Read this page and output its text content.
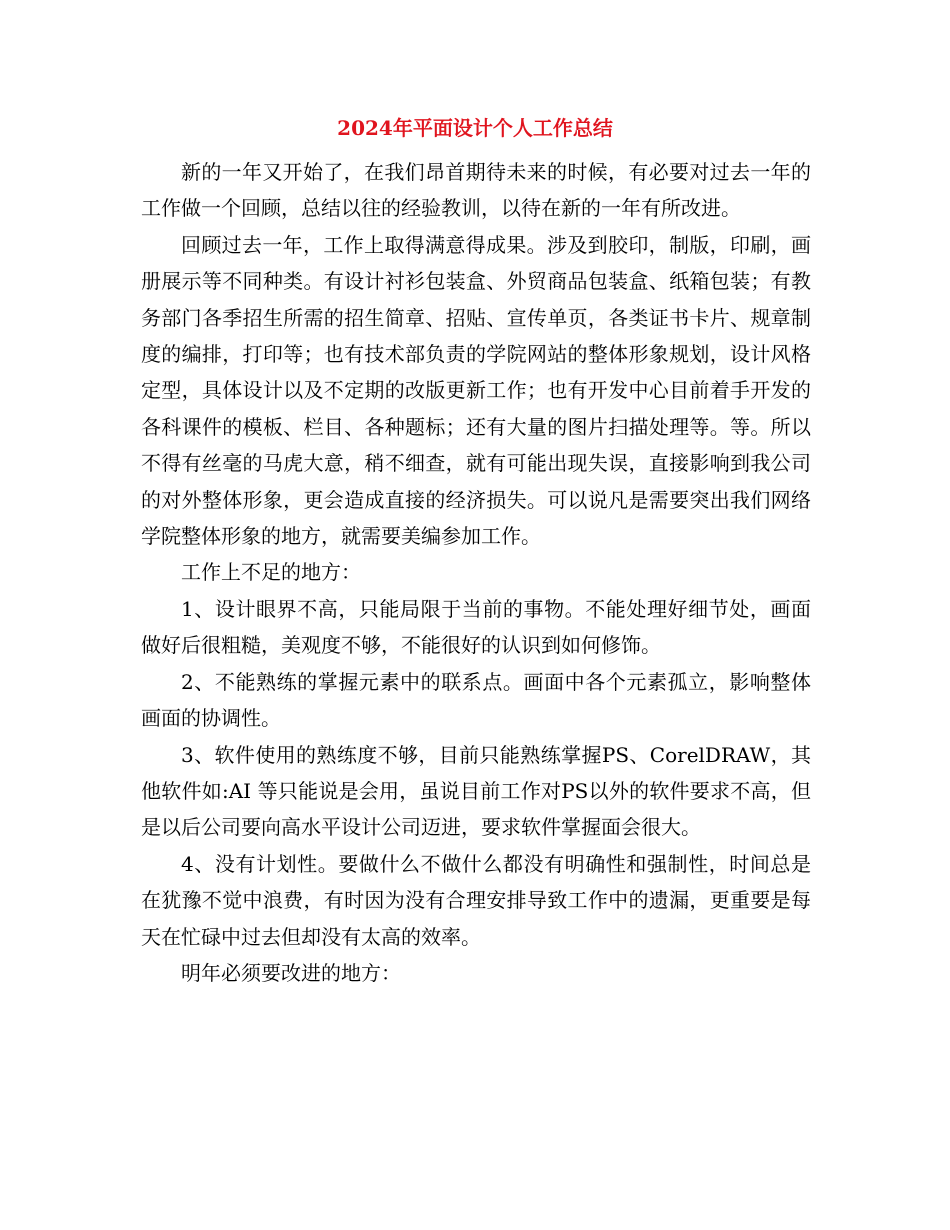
2024年平面设计个人工作总结

新的一年又开始了，在我们昂首期待未来的时候，有必要对过去一年的工作做一个回顾，总结以往的经验教训，以待在新的一年有所改进。

回顾过去一年，工作上取得满意得成果。涉及到胶印，制版，印刷，画册展示等不同种类。有设计衬衫包装盒、外贸商品包装盒、纸箱包装；有教务部门各季招生所需的招生简章、招贴、宣传单页，各类证书卡片、规章制度的编排，打印等；也有技术部负责的学院网站的整体形象规划，设计风格定型，具体设计以及不定期的改版更新工作；也有开发中心目前着手开发的各科课件的模板、栏目、各种题标；还有大量的图片扫描处理等。等。所以不得有丝毫的马虎大意，稍不细查，就有可能出现失误，直接影响到我公司的对外整体形象，更会造成直接的经济损失。可以说凡是需要突出我们网络学院整体形象的地方，就需要美编参加工作。

工作上不足的地方：

1、设计眼界不高，只能局限于当前的事物。不能处理好细节处，画面做好后很粗糙，美观度不够，不能很好的认识到如何修饰。

2、不能熟练的掌握元素中的联系点。画面中各个元素孤立，影响整体画面的协调性。

3、软件使用的熟练度不够，目前只能熟练掌握PS、CorelDRAW，其他软件如:AI 等只能说是会用，虽说目前工作对PS以外的软件要求不高，但是以后公司要向高水平设计公司迈进，要求软件掌握面会很大。

4、没有计划性。要做什么不做什么都没有明确性和强制性，时间总是在犹豫不觉中浪费，有时因为没有合理安排导致工作中的遗漏，更重要是每天在忙碌中过去但却没有太高的效率。

明年必须要改进的地方：
